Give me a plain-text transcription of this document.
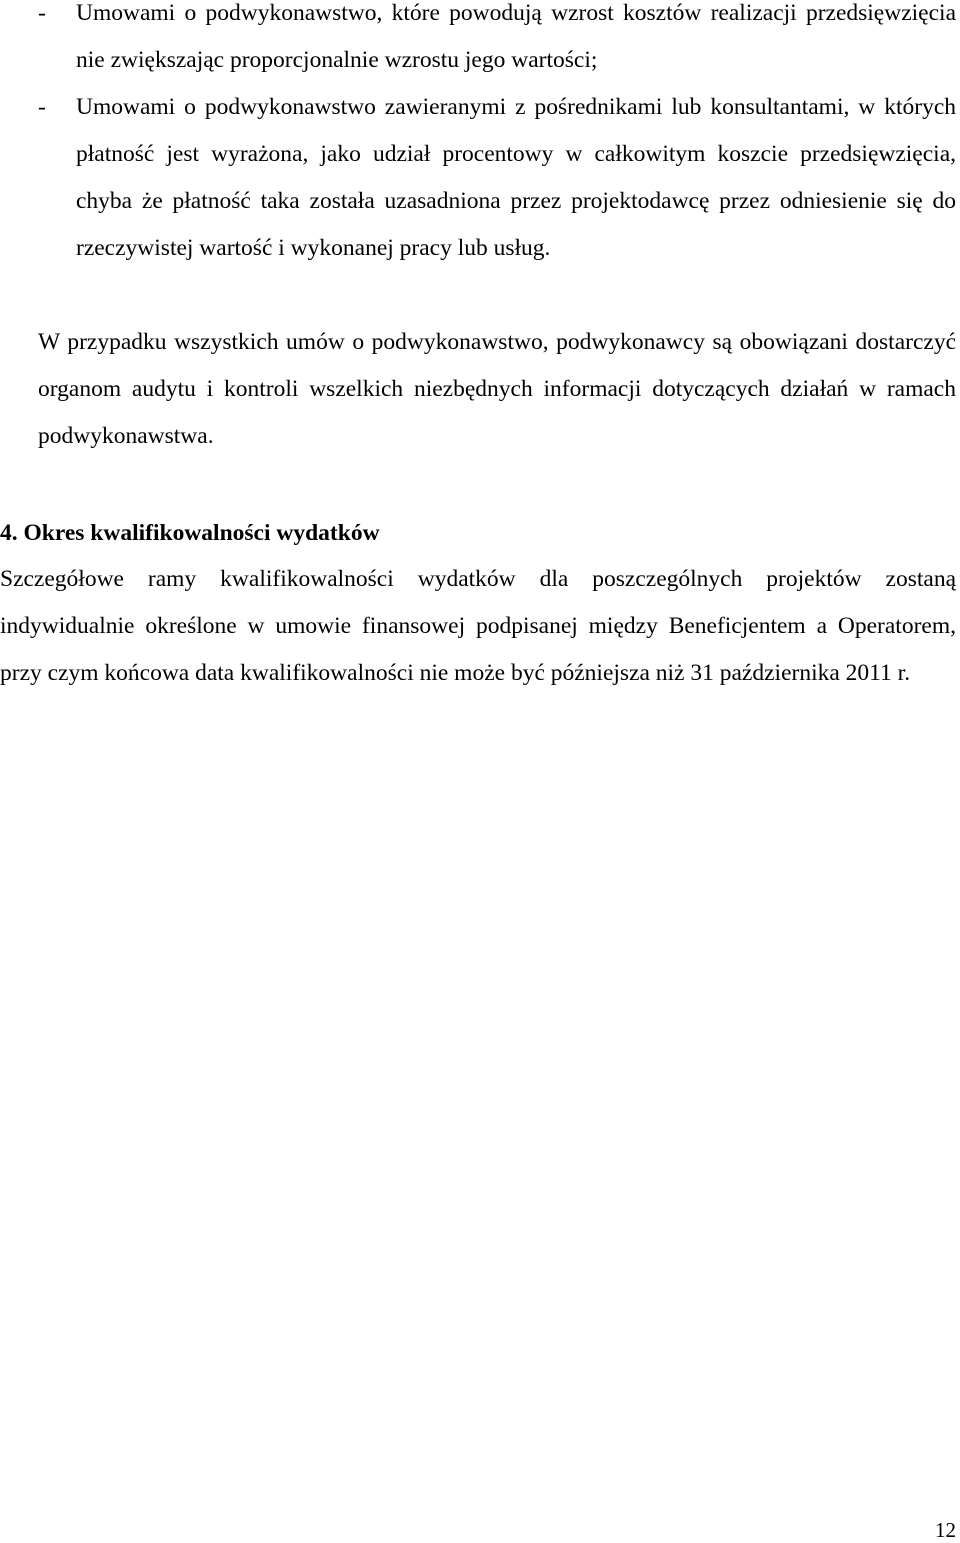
- Umowami o podwykonawstwo, które powodują wzrost kosztów realizacji przedsięwzięcia nie zwiększając proporcjonalnie wzrostu jego wartości;
- Umowami o podwykonawstwo zawieranymi z pośrednikami lub konsultantami, w których płatność jest wyrażona, jako udział procentowy w całkowitym koszcie przedsięwzięcia, chyba że płatność taka została uzasadniona przez projektodawcę przez odniesienie się do rzeczywistej wartość i wykonanej pracy lub usług.
W przypadku wszystkich umów o podwykonawstwo, podwykonawcy są obowiązani dostarczyć organom audytu i kontroli wszelkich niezbędnych informacji dotyczących działań w ramach podwykonawstwa.
4. Okres kwalifikowalności wydatków
Szczegółowe ramy kwalifikowalności wydatków dla poszczególnych projektów zostaną indywidualnie określone w umowie finansowej podpisanej między Beneficjentem a Operatorem, przy czym końcowa data kwalifikowalności nie może być późniejsza niż 31 października 2011 r.
12
